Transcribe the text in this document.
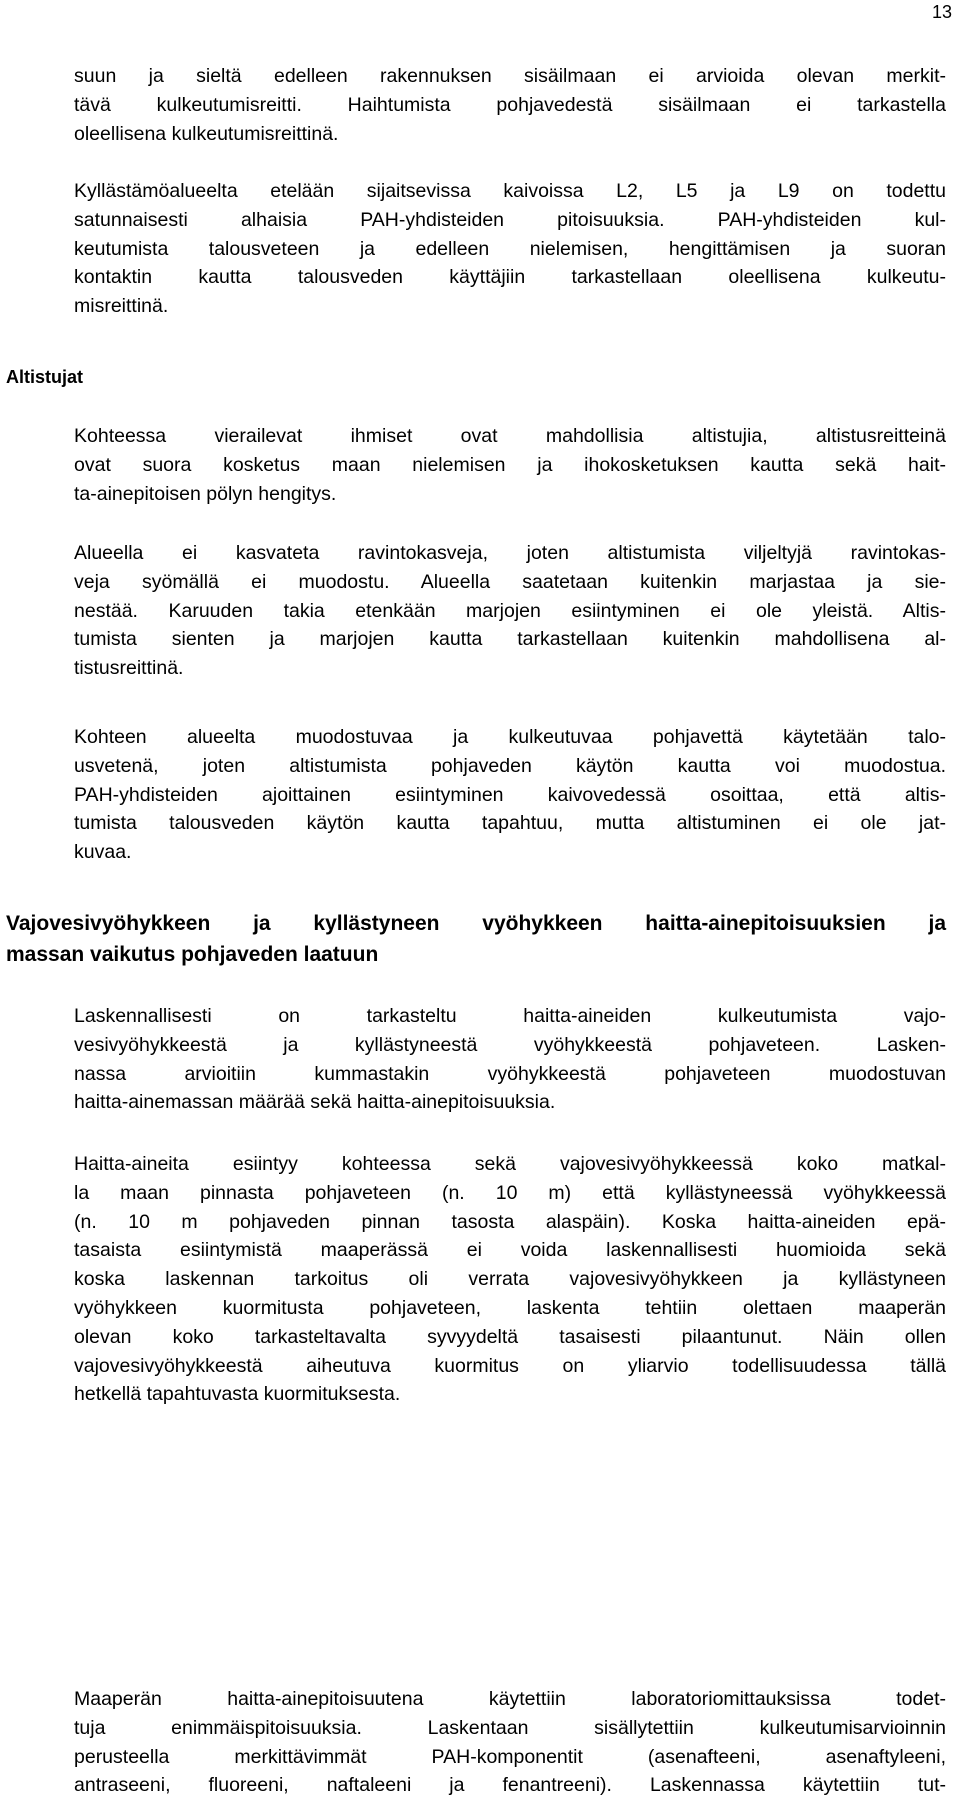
13
Altistujat
Vajovesivyöhykkeen ja kyllästyneen vyöhykkeen haitta-ainepitoisuuksien ja
massan vaikutus pohjaveden laatuun
suun ja sieltä edelleen rakennuksen sisäilmaan ei arvioida olevan merkit-
tävä kulkeutumisreitti. Haihtumista pohjavedestä sisäilmaan ei tarkastella
oleellisena kulkeutumisreittinä.
Kyllästämöalueelta etelään sijaitsevissa kaivoissa L2, L5 ja L9 on todettu
satunnaisesti alhaisia PAH-yhdisteiden pitoisuuksia. PAH-yhdisteiden kul-
keutumista talousveteen ja edelleen nielemisen, hengittämisen ja suoran
kontaktin kautta talousveden käyttäjiin tarkastellaan oleellisena kulkeutu-
misreittinä.
Kohteessa vierailevat ihmiset ovat mahdollisia altistujia, altistusreitteinä
ovat suora kosketus maan nielemisen ja ihokosketuksen kautta sekä hait-
ta-ainepitoisen pölyn hengitys.
Alueella ei kasvateta ravintokasveja, joten altistumista viljeltyjä ravintokas-
veja syömällä ei muodostu. Alueella saatetaan kuitenkin marjastaa ja sie-
nestää. Karuuden takia etenkään marjojen esiintyminen ei ole yleistä. Altis-
tumista sienten ja marjojen kautta tarkastellaan kuitenkin mahdollisena al-
tistusreittinä.
Kohteen alueelta muodostuvaa ja kulkeutuvaa pohjavettä käytetään talo-
usvetenä, joten altistumista pohjaveden käytön kautta voi muodostua.
PAH-yhdisteiden ajoittainen esiintyminen kaivovedessä osoittaa, että altis-
tumista talousveden käytön kautta tapahtuu, mutta altistuminen ei ole jat-
kuvaa.
Laskennallisesti on tarkasteltu haitta-aineiden kulkeutumista vajo-
vesivyöhykkeestä ja kyllästyneestä vyöhykkeestä pohjaveteen. Lasken-
nassa arvioitiin kummastakin vyöhykkeestä pohjaveteen muodostuvan
haitta-ainemassan määrää sekä haitta-ainepitoisuuksia.
Haitta-aineita esiintyy kohteessa sekä vajovesivyöhykkeessä koko matkal-
la maan pinnasta pohjaveteen (n. 10 m) että kyllästyneessä vyöhykkeessä
(n. 10 m pohjaveden pinnan tasosta alaspäin). Koska haitta-aineiden epä-
tasaista esiintymistä maaperässä ei voida laskennallisesti huomioida sekä
koska laskennan tarkoitus oli verrata vajovesivyöhykkeen ja kyllästyneen
vyöhykkeen kuormitusta pohjaveteen, laskenta tehtiin olettaen maaperän
olevan koko tarkasteltavalta syvyydeltä tasaisesti pilaantunut. Näin ollen
vajovesivyöhykkeestä aiheutuva kuormitus on yliarvio todellisuudessa tällä
hetkellä tapahtuvasta kuormituksesta.
Maaperän haitta-ainepitoisuutena käytettiin laboratoriomittauksissa todet-
tuja enimmäispitoisuuksia. Laskentaan sisällytettiin kulkeutumisarvioinnin
perusteella merkittävimmät PAH-komponentit (asenafteeni, asenaftyleeni,
antraseeni, fluoreeni, naftaleeni ja fenantreeni). Laskennassa käytettiin tut-
